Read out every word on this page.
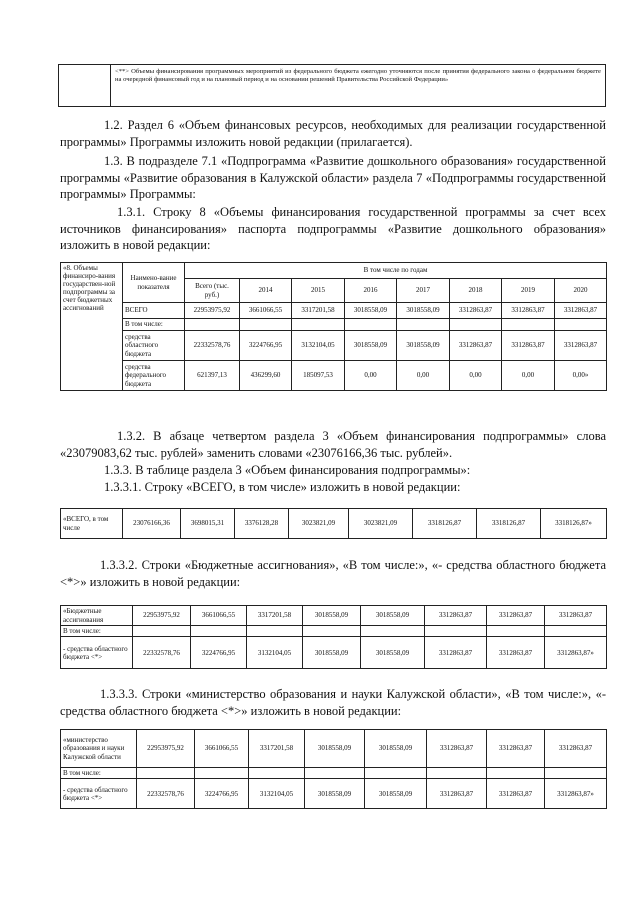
	<**> Объемы финансирования программных мероприятий из федерального бюджета ежегодно уточняются после принятия федерального закона о федеральном бюджете на очередной финансовый год и на плановый период и на основании решений Правительства Российской Федерации»

1.2. Раздел 6 «Объем финансовых ресурсов, необходимых для реализации государственной программы» Программы изложить новой редакции (прилагается).

1.3. В подразделе 7.1 «Подпрограмма «Развитие дошкольного образования» государственной программы «Развитие образования в Калужской области» раздела 7 «Подпрограммы государственной программы» Программы:

1.3.1. Строку 8 «Объемы финансирования государственной программы за счет всех источников финансирования» паспорта подпрограммы «Развитие дошкольного образования» изложить в новой редакции:

«8. Объемы финансиро-вания государствен-ной подпрограммы за счет бюджетных ассигнований	Наимено-вание показателя	В том числе по годам							
		Всего (тыс. руб.)	2014	2015	2016	2017	2018	2019	2020
	ВСЕГО	22953975,92	3661066,55	3317201,58	3018558,09	3018558,09	3312863,87	3312863,87	3312863,87
	В том числе:								
	средства областного бюджета	22332578,76	3224766,95	3132104,05	3018558,09	3018558,09	3312863,87	3312863,87	3312863,87
	средства федерального бюджета	621397,13	436299,60	185097,53	0,00	0,00	0,00	0,00	0,00»

1.3.2. В абзаце четвертом раздела 3 «Объем финансирования подпрограммы» слова «23079083,62 тыс. рублей» заменить словами «23076166,36 тыс. рублей».

1.3.3. В таблице раздела 3 «Объем финансирования подпрограммы»:

1.3.3.1. Строку «ВСЕГО, в том числе» изложить в новой редакции:

«ВСЕГО, в том числе	23076166,36	3698015,31	3376128,28	3023821,09	3023821,09	3318126,87	3318126,87	3318126,87»

1.3.3.2. Строки «Бюджетные ассигнования», «В том числе:», «- средства областного бюджета <*>» изложить в новой редакции:

«Бюджетные ассигнования	22953975,92	3661066,55	3317201,58	3018558,09	3018558,09	3312863,87	3312863,87	3312863,87
В том числе:								
- средства областного бюджета <*>	22332578,76	3224766,95	3132104,05	3018558,09	3018558,09	3312863,87	3312863,87	3312863,87»

1.3.3.3. Строки «министерство образования и науки Калужской области», «В том числе:», «- средства областного бюджета <*>» изложить в новой редакции:

«министерство образования и науки Калужской области	22953975,92	3661066,55	3317201,58	3018558,09	3018558,09	3312863,87	3312863,87	3312863,87
В том числе:								
- средства областного бюджета <*>	22332578,76	3224766,95	3132104,05	3018558,09	3018558,09	3312863,87	3312863,87	3312863,87»
